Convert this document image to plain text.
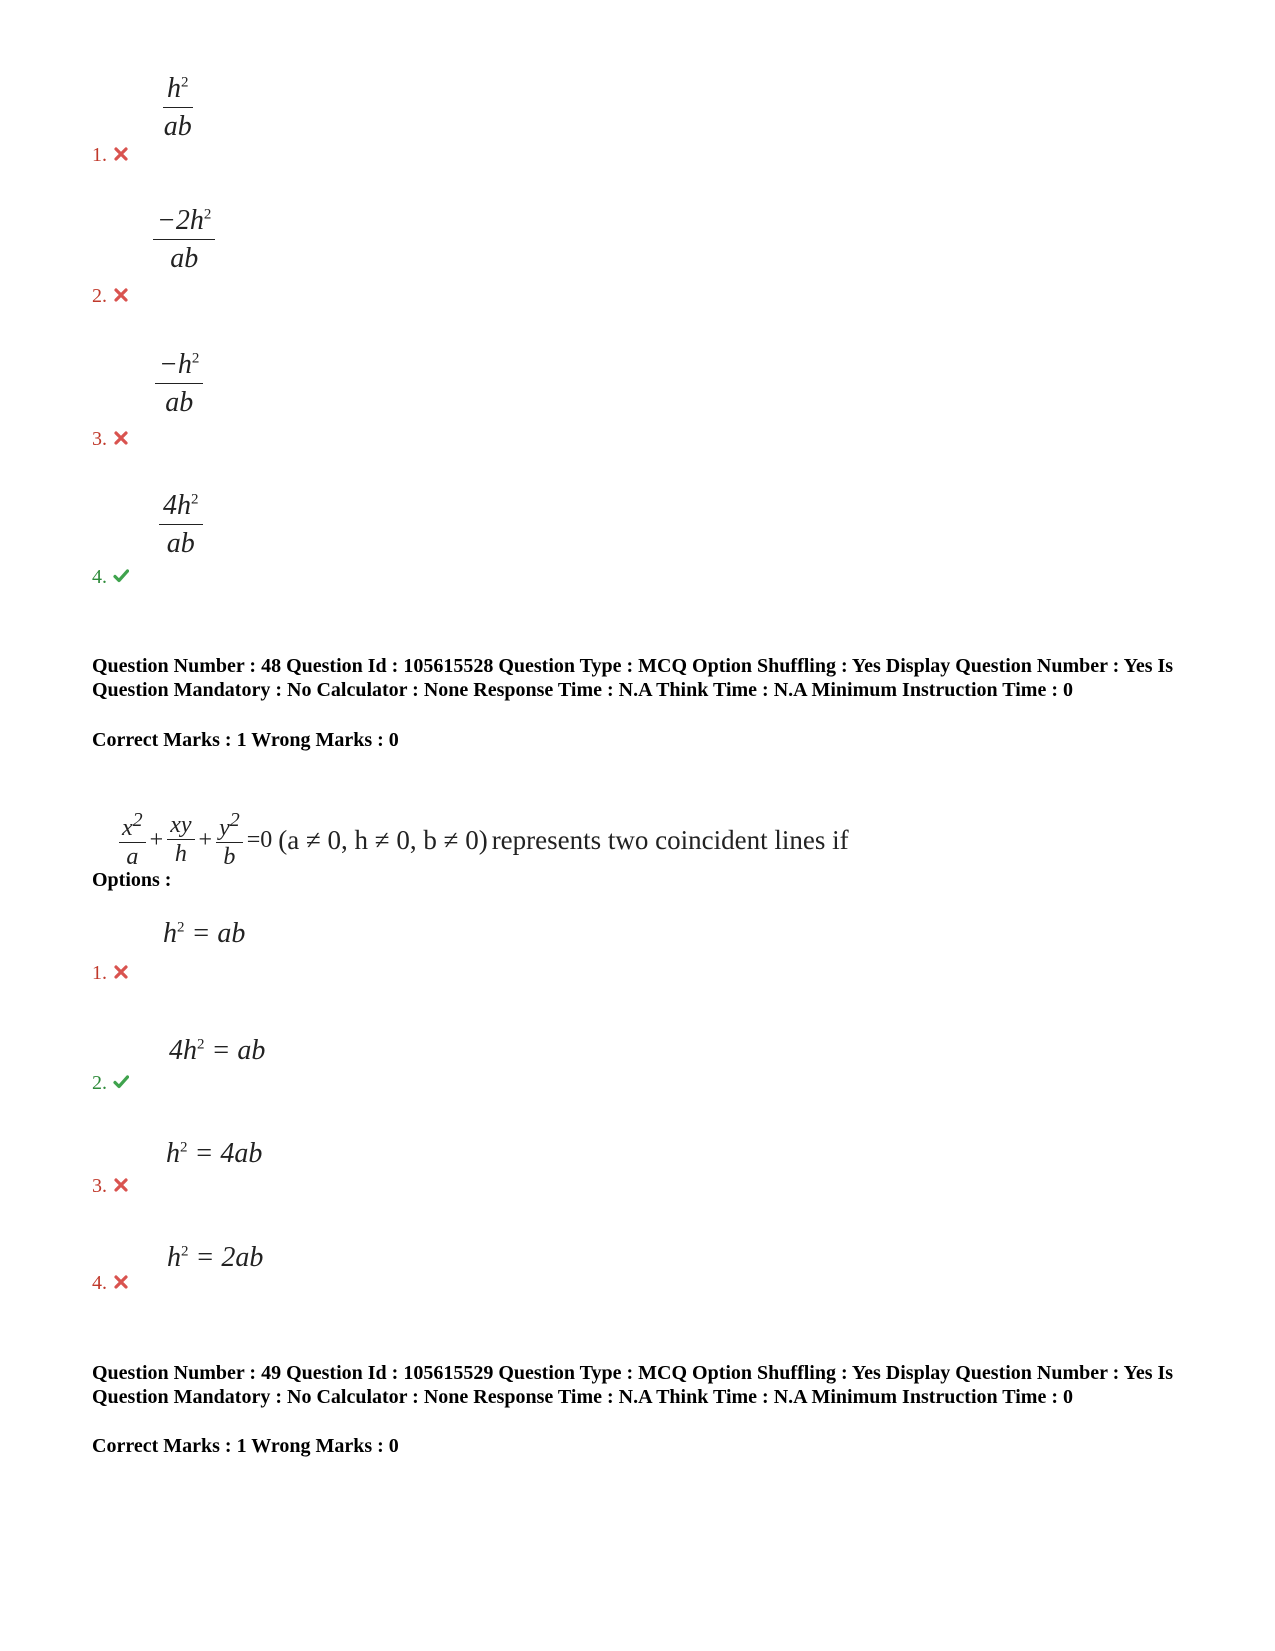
$\frac{h^2}{ab}$
1.
$\frac{-2h^2}{ab}$
2.
$\frac{-h^2}{ab}$
3.
$\frac{4h^2}{ab}$
4.
Question Number : 48 Question Id : 105615528 Question Type : MCQ Option Shuffling : Yes Display Question Number : Yes Is Question Mandatory : No Calculator : None Response Time : N.A Think Time : N.A Minimum Instruction Time : 0
Correct Marks : 1 Wrong Marks : 0
$x^2$
a
+ $\frac{xy}{h} + \frac{y^2}{b} =0$ (a ≠ 0, h ≠ 0, b ≠ 0) represents two coincident lines if
Options :
$h^2$ = ab
1.
$4h^2$ = ab
2.
$h^2 = 4ab$
3.
$h^2 = 2ab$
4.
Question Number : 49 Question Id : 105615529 Question Type : MCQ Option Shuffling : Yes Display Question Number : Yes Is Question Mandatory : No Calculator : None Response Time : N.A Think Time : N.A Minimum Instruction Time : 0
Correct Marks : 1 Wrong Marks : 0
